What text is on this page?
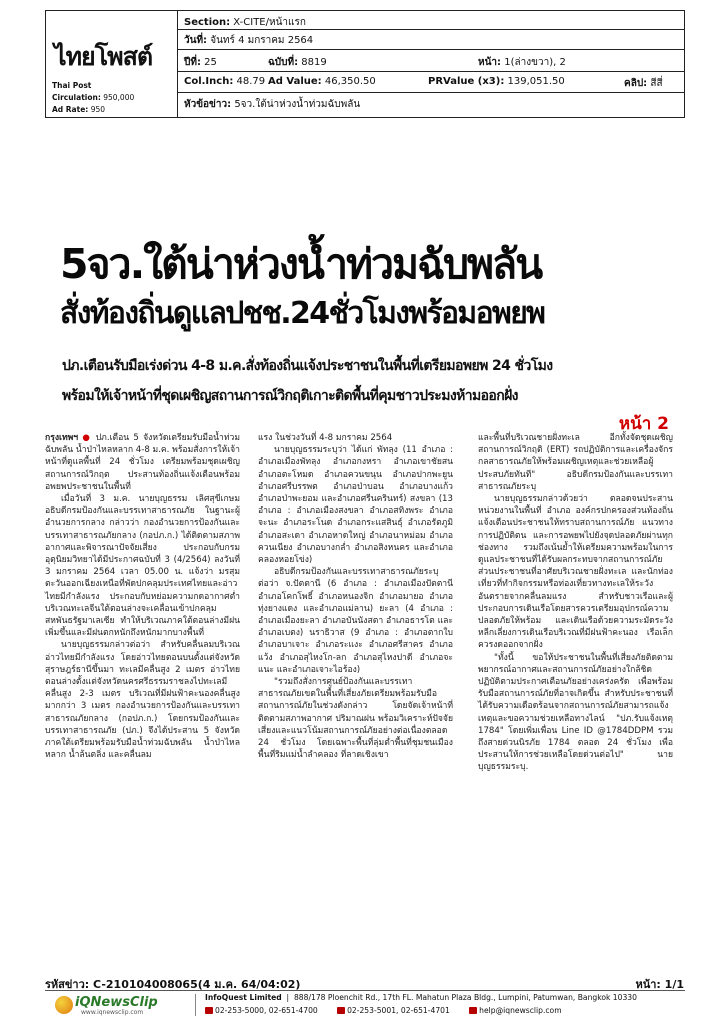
ไทยโพสต์
Thai Post
Circulation: 950,000
Ad Rate: 950
Section: X-CITE/หน้าแรก
วันที่: จันทร์ 4 มกราคม 2564
ปีที่: 25	ฉบับที่: 8819	หน้า: 1(ล่างขวา), 2
Col.Inch: 48.79 Ad Value: 46,350.50	PRValue (x3): 139,051.50	คลิป: สีสี่
หัวข้อข่าว: 5จว.ใต้น่าห่วงน้ำท่วมฉับพลัน
5จว.ใต้น่าห่วงน้ำท่วมฉับพลัน
สั่งท้องถิ่นดูแลปชช.24ชั่วโมงพร้อมอพยพ
ปภ.เตือนรับมือเร่งด่วน 4-8 ม.ค.สั่งท้องถิ่นแจ้งประชาชนในพื้นที่เตรียมอพยพ 24 ชั่วโมง
พร้อมให้เจ้าหน้าที่ชุดเผชิญสถานการณ์วิกฤติเกาะติดพื้นที่คุมชาวประมงห้ามออกฝั่ง
หน้า 2

กรุงเทพฯ ● ปภ.เตือน 5 จังหวัดเตรียมรับมือน้ำท่วมฉับพลัน น้ำป่าไหลหลาก 4-8 ม.ค. พร้อมสั่งการให้เจ้าหน้าที่ดูแลพื้นที่ 24 ชั่วโมง เตรียมพร้อมชุดเผชิญสถานการณ์วิกฤต ประสานท้องถิ่นแจ้งเตือนพร้อมอพยพประชาชนในพื้นที่

เมื่อวันที่ 3 ม.ค. นายบุญธรรม เลิศสุขีเกษม อธิบดีกรมป้องกันและบรรเทาสาธารณภัย ในฐานะผู้อำนวยการกลาง กล่าวว่า กองอำนวยการป้องกันและบรรเทาสาธารณภัยกลาง (กอปภ.ก.) ได้ติดตามสภาพอากาศและพิจารณาปัจจัยเสี่ยง ประกอบกับกรมอุตุนิยมวิทยาได้มีประกาศฉบับที่ 3 (4/2564) ลงวันที่ 3 มกราคม 2564 เวลา 05.00 น. แจ้งว่า มรสุมตะวันออกเฉียงเหนือที่พัดปกคลุมประเทศไทยและอ่าวไทยมีกำลังแรง ประกอบกับหย่อมความกดอากาศต่ำบริเวณทะเลจีนใต้ตอนล่างจะเคลื่อนเข้าปกคลุมสหพันธรัฐมาเลเซีย ทำให้บริเวณภาคใต้ตอนล่างมีฝนเพิ่มขึ้นและมีฝนตกหนักถึงหนักมากบางพื้นที่

นายบุญธรรมกล่าวต่อว่า สำหรับคลื่นลมบริเวณอ่าวไทยมีกำลังแรง โดยอ่าวไทยตอนบนตั้งแต่จังหวัดสุราษฎร์ธานีขึ้นมา ทะเลมีคลื่นสูง 2 เมตร อ่าวไทยตอนล่างตั้งแต่จังหวัดนครศรีธรรมราชลงไปทะเลมีคลื่นสูง 2-3 เมตร บริเวณที่มีฝนฟ้าคะนองคลื่นสูงมากกว่า 3 เมตร กองอำนวยการป้องกันและบรรเทาสาธารณภัยกลาง (กอปภ.ก.) โดยกรมป้องกันและบรรเทาสาธารณภัย (ปภ.) จึงได้ประสาน 5 จังหวัดภาคใต้เตรียมพร้อมรับมือน้ำท่วมฉับพลัน น้ำป่าไหลหลาก น้ำล้นตลิ่ง และคลื่นลม

แรง ในช่วงวันที่ 4-8 มกราคม 2564

นายบุญธรรมระบุว่า ได้แก่ พัทลุง (11 อำเภอ : อำเภอเมืองพัทลุง อำเภอกงหรา อำเภอเขาชัยสน อำเภอตะโหมด อำเภอควนขนุน อำเภอปากพะยูน อำเภอศรีบรรพต อำเภอป่าบอน อำเภอบางแก้ว อำเภอป่าพะยอม และอำเภอศรีนครินทร์) สงขลา (13 อำเภอ : อำเภอเมืองสงขลา อำเภอสทิงพระ อำเภอจะนะ อำเภอระโนด อำเภอกระแสสินธุ์ อำเภอรัตภูมิ อำเภอสะเดา อำเภอหาดใหญ่ อำเภอนาหม่อม อำเภอควนเนียง อำเภอบางกล่ำ อำเภอสิงหนคร และอำเภอคลองหอยโข่ง)

อธิบดีกรมป้องกันและบรรเทาสาธารณภัยระบุต่อว่า จ.ปัตตานี (6 อำเภอ : อำเภอเมืองปัตตานี อำเภอโคกโพธิ์ อำเภอหนองจิก อำเภอมายอ อำเภอทุ่งยางแดง และอำเภอแม่ลาน) ยะลา (4 อำเภอ : อำเภอเมืองยะลา อำเภอบันนังสตา อำเภอธารโต และอำเภอเบตง) นราธิวาส (9 อำเภอ : อำเภอตากใบ อำเภอบาเจาะ อำเภอระแงะ อำเภอศรีสาคร อำเภอแว้ง อำเภอสุไหงโก-ลก อำเภอสุไหงปาดี อำเภอจะแนะ และอำเภอเจาะไอร้อง)

"รวมถึงสั่งการศูนย์ป้องกันและบรรเทาสาธารณภัยเขตในพื้นที่เสี่ยงภัยเตรียมพร้อมรับมือสถานการณ์ภัยในช่วงดังกล่าว โดยจัดเจ้าหน้าที่ติดตามสภาพอากาศ ปริมาณฝน พร้อมวิเคราะห์ปัจจัยเสี่ยงและแนวโน้มสถานการณ์ภัยอย่างต่อเนื่องตลอด 24 ชั่วโมง โดยเฉพาะพื้นที่ลุ่มต่ำพื้นที่ชุมชนเมือง พื้นที่ริมแม่น้ำลำคลอง ที่ลาดเชิงเขา

และพื้นที่บริเวณชายฝั่งทะเล อีกทั้งจัดชุดเผชิญสถานการณ์วิกฤติ (ERT) รถปฏิบัติการและเครื่องจักรกลสาธารณภัยให้พร้อมเผชิญเหตุและช่วยเหลือผู้ประสบภัยทันที" อธิบดีกรมป้องกันและบรรเทาสาธารณภัยระบุ

นายบุญธรรมกล่าวด้วยว่า ตลอดจนประสานหน่วยงานในพื้นที่ อำเภอ องค์กรปกครองส่วนท้องถิ่นแจ้งเตือนประชาชนให้ทราบสถานการณ์ภัย แนวทางการปฏิบัติตน และการอพยพไปยังจุดปลอดภัยผ่านทุกช่องทาง รวมถึงเน้นย้ำให้เตรียมความพร้อมในการดูแลประชาชนที่ได้รับผลกระทบจากสถานการณ์ภัย ส่วนประชาชนที่อาศัยบริเวณชายฝั่งทะเล และนักท่องเที่ยวที่ทำกิจกรรมหรือท่องเที่ยวทางทะเลให้ระวังอันตรายจากคลื่นลมแรง สำหรับชาวเรือและผู้ประกอบการเดินเรือโดยสารควรเตรียมอุปกรณ์ความปลอดภัยให้พร้อม และเดินเรือด้วยความระมัดระวัง หลีกเลี่ยงการเดินเรือบริเวณที่มีฝนฟ้าคะนอง เรือเล็กควรงดออกจากฝั่ง

"ทั้งนี้ ขอให้ประชาชนในพื้นที่เสี่ยงภัยติดตามพยากรณ์อากาศและสถานการณ์ภัยอย่างใกล้ชิด ปฏิบัติตามประกาศเตือนภัยอย่างเคร่งครัด เพื่อพร้อมรับมือสถานการณ์ภัยที่อาจเกิดขึ้น สำหรับประชาชนที่ได้รับความเดือดร้อนจากสถานการณ์ภัยสามารถแจ้งเหตุและขอความช่วยเหลือทางไลน์ "ปภ.รับแจ้งเหตุ 1784" โดยเพิ่มเพื่อน Line ID @1784DDPM รวมถึงสายด่วนนิรภัย 1784 ตลอด 24 ชั่วโมง เพื่อประสานให้การช่วยเหลือโดยด่วนต่อไป" นายบุญธรรมระบุ.

รหัสข่าว: C-210104008065(4 ม.ค. 64/04:02)	หน้า: 1/1
iQNewsClip
www.iqnewsclip.com
InfoQuest Limited  |  888/178 Ploenchit Rd., 17th FL. Mahatun Plaza Bldg., Lumpini, Patumwan, Bangkok 10330
02-253-5000, 02-651-4700	02-253-5001, 02-651-4701	help@iqnewsclip.com
